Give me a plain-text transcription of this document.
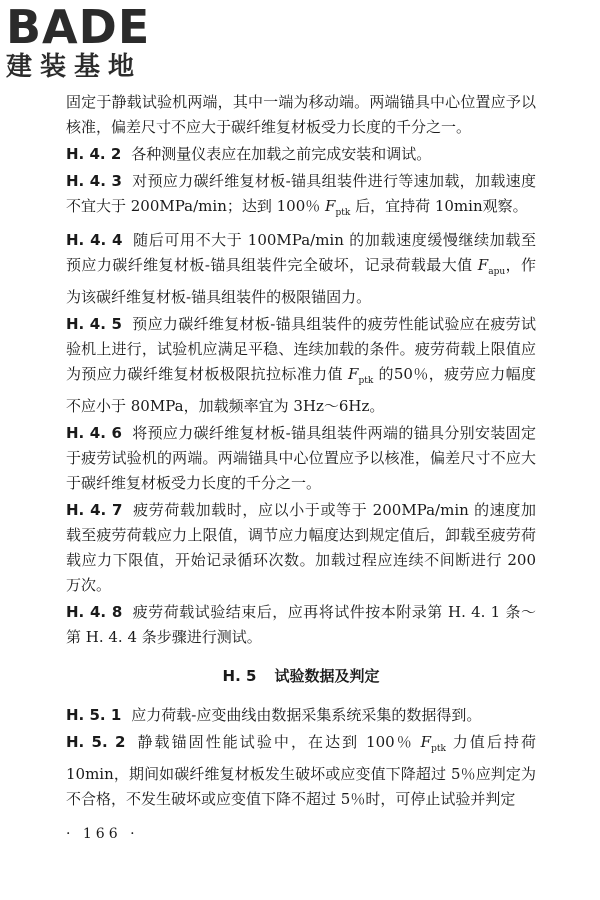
BADE
建装基地

固定于静载试验机两端，其中一端为移动端。两端锚具中心位置应予以核准，偏差尺寸不应大于碳纤维复材板受力长度的千分之一。

H. 4. 2 各种测量仪表应在加载之前完成安装和调试。

H. 4. 3 对预应力碳纤维复材板-锚具组装件进行等速加载，加载速度不宜大于 200MPa/min；达到 100％ $F_{ptk}$ 后，宜持荷 10min观察。

H. 4. 4 随后可用不大于 100MPa/min 的加载速度缓慢继续加载至预应力碳纤维复材板-锚具组装件完全破坏，记录荷载最大值 $F_{apu}$，作为该碳纤维复材板-锚具组装件的极限锚固力。

H. 4. 5 预应力碳纤维复材板-锚具组装件的疲劳性能试验应在疲劳试验机上进行，试验机应满足平稳、连续加载的条件。疲劳荷载上限值应为预应力碳纤维复材板极限抗拉标准力值 $F_{ptk}$ 的50％，疲劳应力幅度不应小于 80MPa，加载频率宜为 3Hz～6Hz。

H. 4. 6 将预应力碳纤维复材板-锚具组装件两端的锚具分别安装固定于疲劳试验机的两端。两端锚具中心位置应予以核准，偏差尺寸不应大于碳纤维复材板受力长度的千分之一。

H. 4. 7 疲劳荷载加载时，应以小于或等于 200MPa/min 的速度加载至疲劳荷载应力上限值，调节应力幅度达到规定值后，卸载至疲劳荷载应力下限值，开始记录循环次数。加载过程应连续不间断进行 200 万次。

H. 4. 8 疲劳荷载试验结束后，应再将试件按本附录第 H. 4. 1 条～第 H. 4. 4 条步骤进行测试。

H. 5 试验数据及判定

H. 5. 1 应力荷载-应变曲线由数据采集系统采集的数据得到。

H. 5. 2 静载锚固性能试验中，在达到 100％ $F_{ptk}$ 力值后持荷 10min，期间如碳纤维复材板发生破坏或应变值下降超过 5％应判定为不合格，不发生破坏或应变值下降不超过 5％时，可停止试验并判定

· 166 ·
